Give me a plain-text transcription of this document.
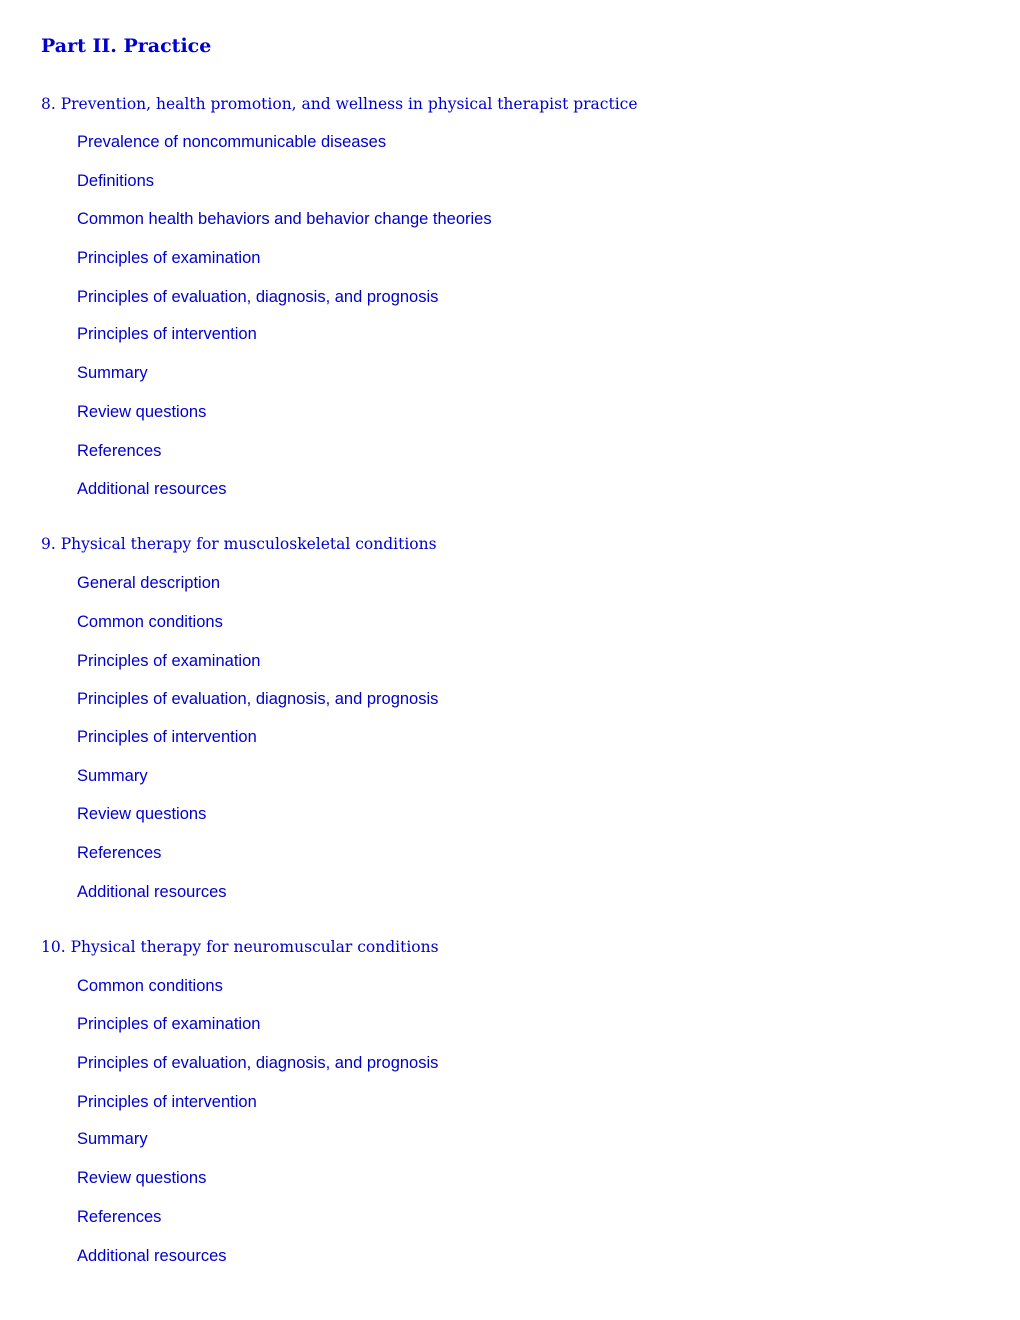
Part II. Practice
8. Prevention, health promotion, and wellness in physical therapist practice
Prevalence of noncommunicable diseases
Definitions
Common health behaviors and behavior change theories
Principles of examination
Principles of evaluation, diagnosis, and prognosis
Principles of intervention
Summary
Review questions
References
Additional resources
9. Physical therapy for musculoskeletal conditions
General description
Common conditions
Principles of examination
Principles of evaluation, diagnosis, and prognosis
Principles of intervention
Summary
Review questions
References
Additional resources
10. Physical therapy for neuromuscular conditions
Common conditions
Principles of examination
Principles of evaluation, diagnosis, and prognosis
Principles of intervention
Summary
Review questions
References
Additional resources
